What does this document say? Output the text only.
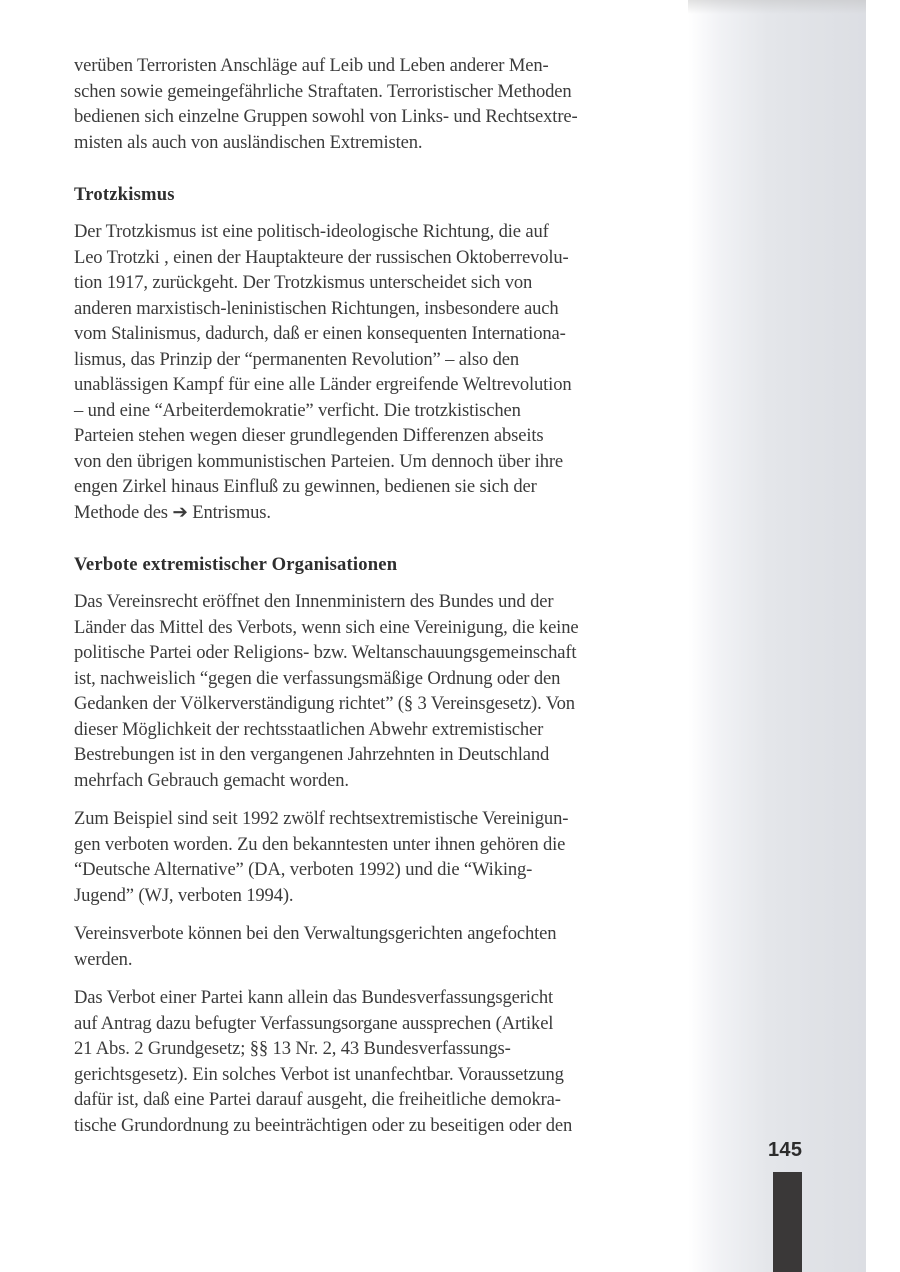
verüben Terroristen Anschläge auf Leib und Leben anderer Men-
schen sowie gemeingefährliche Straftaten. Terroristischer Methoden
bedienen sich einzelne Gruppen sowohl von Links- und Rechtsextre-
misten als auch von ausländischen Extremisten.

Trotzkismus

Der Trotzkismus ist eine politisch-ideologische Richtung, die auf
Leo Trotzki , einen der Hauptakteure der russischen Oktoberrevolu-
tion 1917, zurückgeht. Der Trotzkismus unterscheidet sich von
anderen marxistisch-leninistischen Richtungen, insbesondere auch
vom Stalinismus, dadurch, daß er einen konsequenten Internationa-
lismus, das Prinzip der “permanenten Revolution” – also den
unablässigen Kampf für eine alle Länder ergreifende Weltrevolution
– und eine “Arbeiterdemokratie” verficht. Die trotzkistischen
Parteien stehen wegen dieser grundlegenden Differenzen abseits
von den übrigen kommunistischen Parteien. Um dennoch über ihre
engen Zirkel hinaus Einfluß zu gewinnen, bedienen sie sich der
Methode des ➔ Entrismus.

Verbote extremistischer Organisationen

Das Vereinsrecht eröffnet den Innenministern des Bundes und der
Länder das Mittel des Verbots, wenn sich eine Vereinigung, die keine
politische Partei oder Religions- bzw. Weltanschauungsgemeinschaft
ist, nachweislich “gegen die verfassungsmäßige Ordnung oder den
Gedanken der Völkerverständigung richtet” (§ 3 Vereinsgesetz). Von
dieser Möglichkeit der rechtsstaatlichen Abwehr extremistischer
Bestrebungen ist in den vergangenen Jahrzehnten in Deutschland
mehrfach Gebrauch gemacht worden.

Zum Beispiel sind seit 1992 zwölf rechtsextremistische Vereinigun-
gen verboten worden. Zu den bekanntesten unter ihnen gehören die
“Deutsche Alternative” (DA, verboten 1992) und die “Wiking-
Jugend” (WJ, verboten 1994).

Vereinsverbote können bei den Verwaltungsgerichten angefochten
werden.

Das Verbot einer Partei kann allein das Bundesverfassungsgericht
auf Antrag dazu befugter Verfassungsorgane aussprechen (Artikel
21 Abs. 2 Grundgesetz; §§ 13 Nr. 2, 43 Bundesverfassungs-
gerichtsgesetz). Ein solches Verbot ist unanfechtbar. Voraussetzung
dafür ist, daß eine Partei darauf ausgeht, die freiheitliche demokra-
tische Grundordnung zu beeinträchtigen oder zu beseitigen oder den

145
